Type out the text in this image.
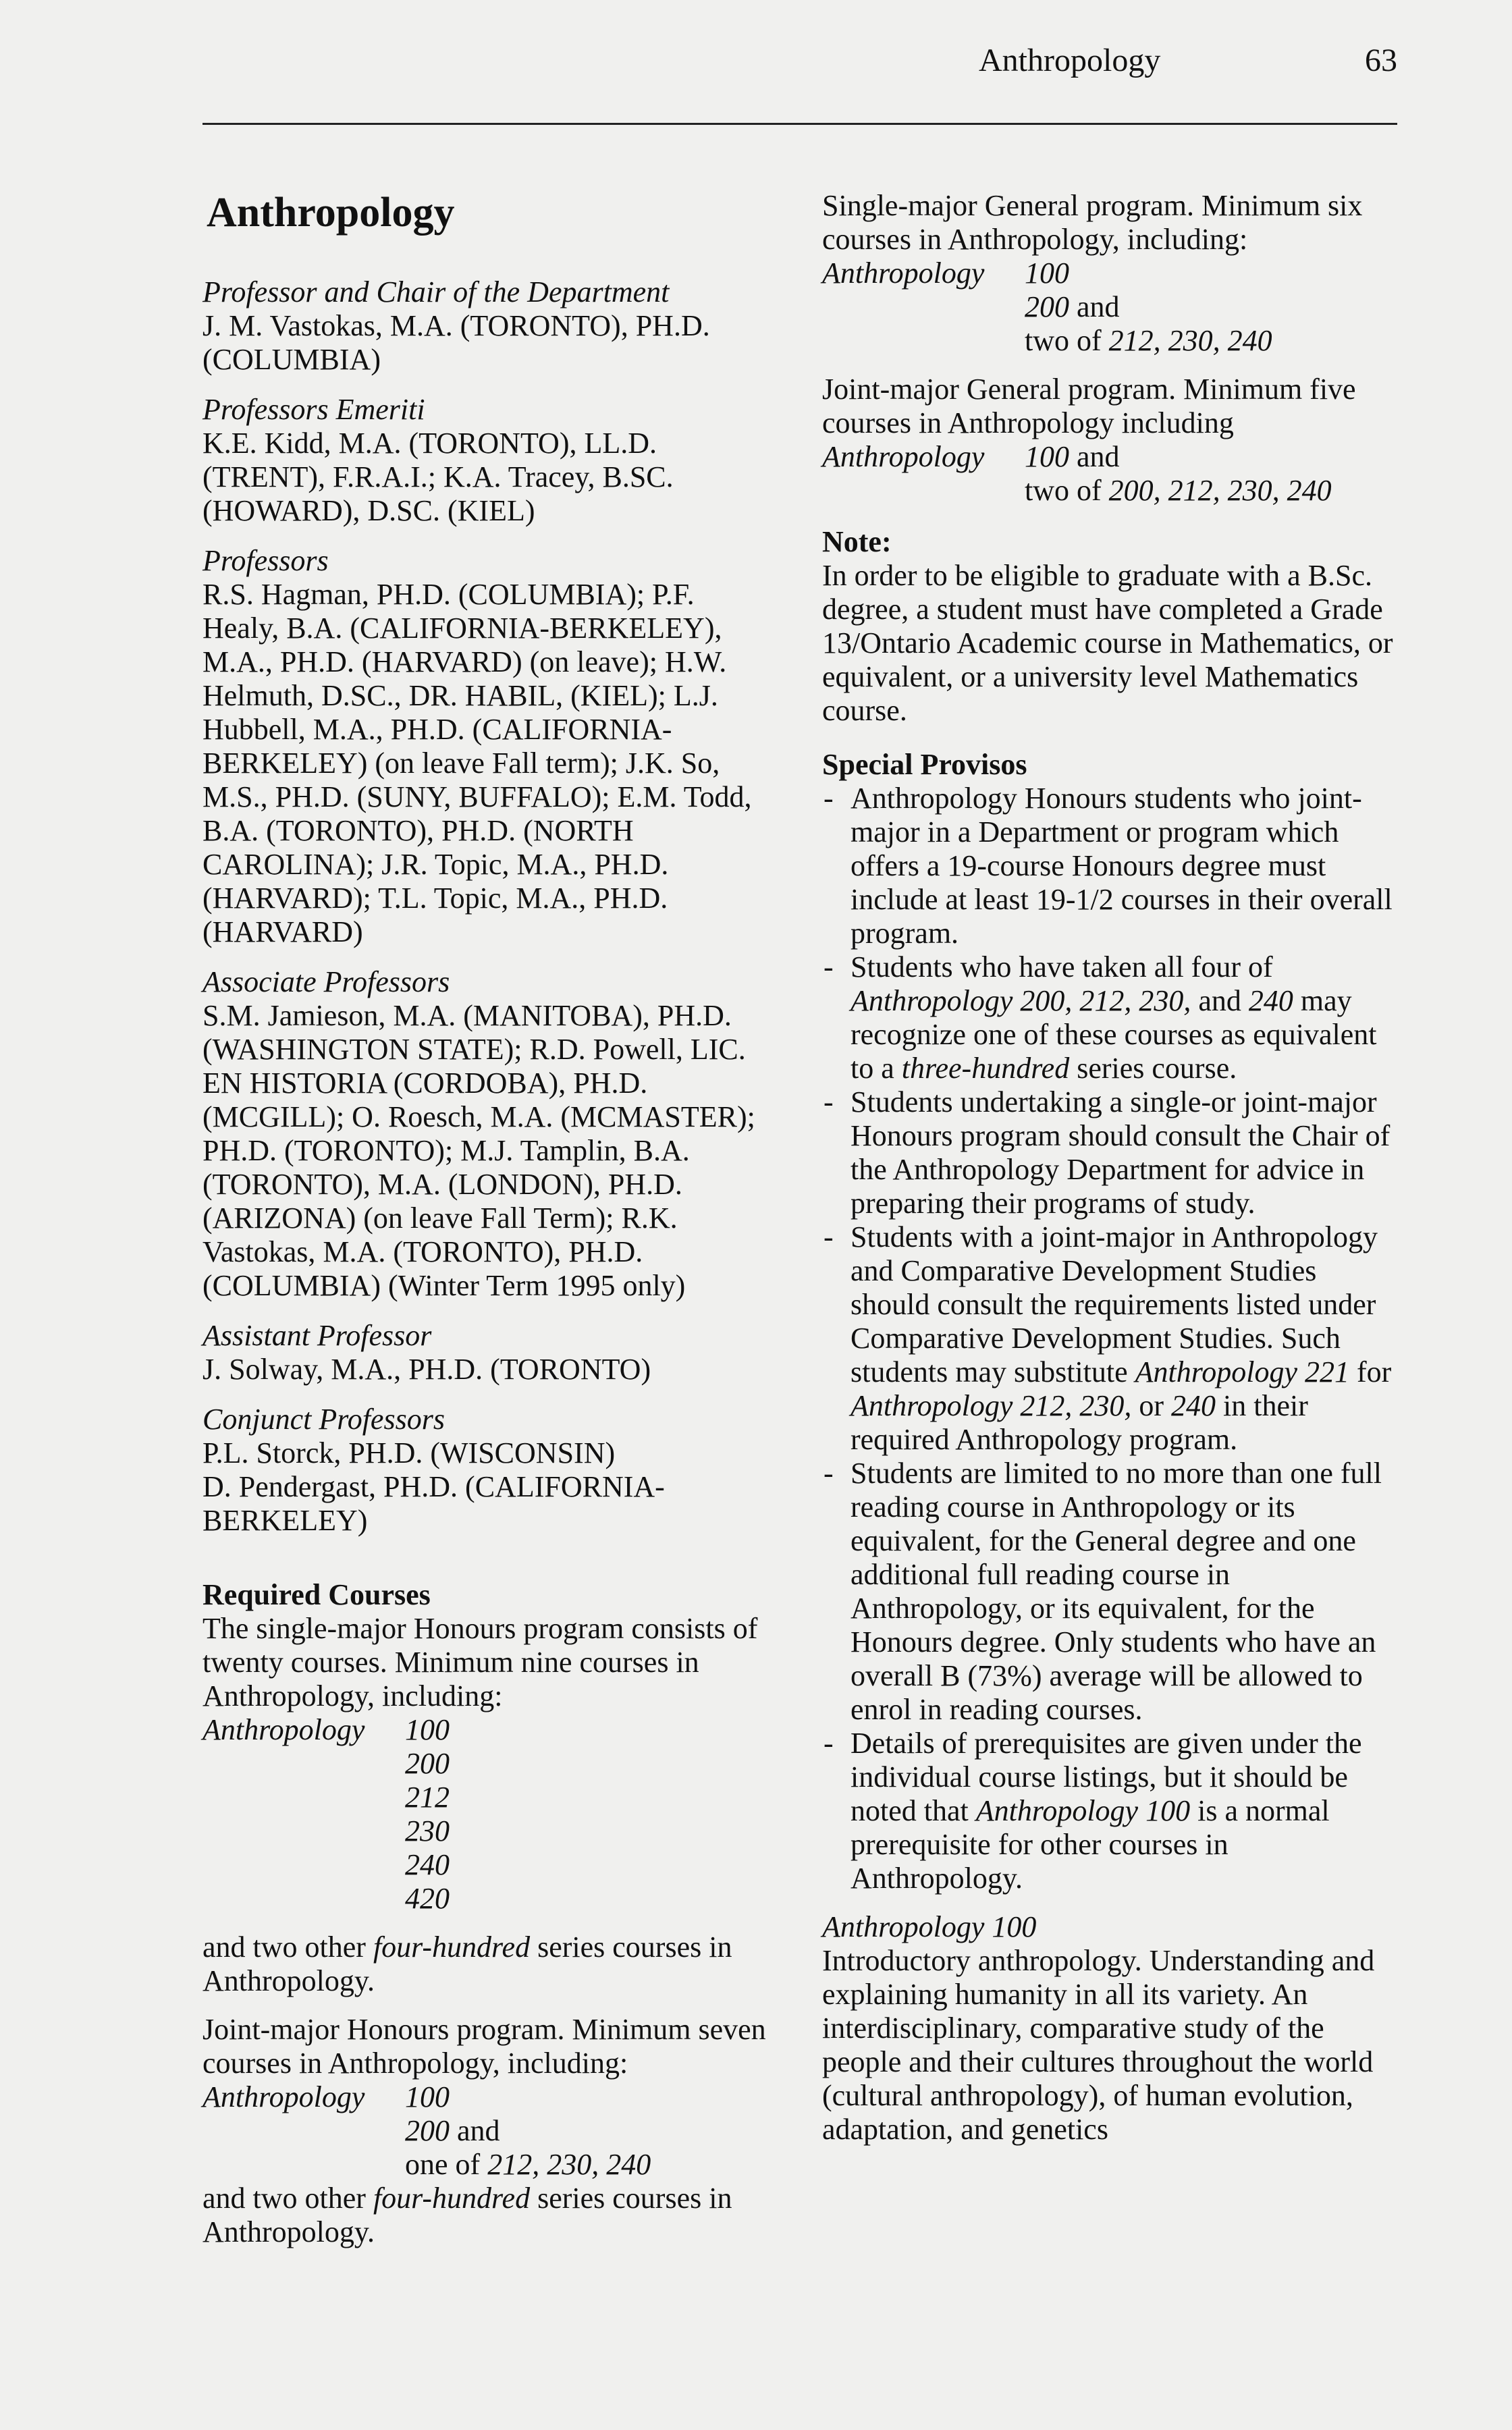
Anthropology	63
Anthropology
Professor and Chair of the Department
J. M. Vastokas, M.A. (TORONTO), PH.D. (COLUMBIA)
Professors Emeriti
K.E. Kidd, M.A. (TORONTO), LL.D. (TRENT), F.R.A.I.; K.A. Tracey, B.SC. (HOWARD), D.SC. (KIEL)
Professors
R.S. Hagman, PH.D. (COLUMBIA); P.F. Healy, B.A. (CALIFORNIA-BERKELEY), M.A., PH.D. (HARVARD) (on leave); H.W. Helmuth, D.SC., DR. HABIL, (KIEL); L.J. Hubbell, M.A., PH.D. (CALIFORNIA-BERKELEY) (on leave Fall term); J.K. So, M.S., PH.D. (SUNY, BUFFALO); E.M. Todd, B.A. (TORONTO), PH.D. (NORTH CAROLINA); J.R. Topic, M.A., PH.D. (HARVARD); T.L. Topic, M.A., PH.D. (HARVARD)
Associate Professors
S.M. Jamieson, M.A. (MANITOBA), PH.D. (WASHINGTON STATE); R.D. Powell, LIC. EN HISTORIA (CORDOBA), PH.D. (MCGILL); O. Roesch, M.A. (MCMASTER); PH.D. (TORONTO); M.J. Tamplin, B.A. (TORONTO), M.A. (LONDON), PH.D. (ARIZONA) (on leave Fall Term); R.K. Vastokas, M.A. (TORONTO), PH.D. (COLUMBIA) (Winter Term 1995 only)
Assistant Professor
J. Solway, M.A., PH.D. (TORONTO)
Conjunct Professors
P.L. Storck, PH.D. (WISCONSIN)
D. Pendergast, PH.D. (CALIFORNIA-BERKELEY)
Required Courses
The single-major Honours program consists of twenty courses. Minimum nine courses in Anthropology, including:
Anthropology	100
200
212
230
240
420
and two other four-hundred series courses in Anthropology.
Joint-major Honours program. Minimum seven courses in Anthropology, including:
Anthropology	100
200 and
one of 212, 230, 240
and two other four-hundred series courses in Anthropology.
Single-major General program. Minimum six courses in Anthropology, including:
Anthropology	100
200 and
two of 212, 230, 240
Joint-major General program. Minimum five courses in Anthropology including
Anthropology	100 and
two of 200, 212, 230, 240
Note:
In order to be eligible to graduate with a B.Sc. degree, a student must have completed a Grade 13/Ontario Academic course in Mathematics, or equivalent, or a university level Mathematics course.
Special Provisos
- Anthropology Honours students who joint-major in a Department or program which offers a 19-course Honours degree must include at least 19-1/2 courses in their overall program.
- Students who have taken all four of Anthropology 200, 212, 230, and 240 may recognize one of these courses as equivalent to a three-hundred series course.
- Students undertaking a single-or joint-major Honours program should consult the Chair of the Anthropology Department for advice in preparing their programs of study.
- Students with a joint-major in Anthropology and Comparative Development Studies should consult the requirements listed under Comparative Development Studies. Such students may substitute Anthropology 221 for Anthropology 212, 230, or 240 in their required Anthropology program.
- Students are limited to no more than one full reading course in Anthropology or its equivalent, for the General degree and one additional full reading course in Anthropology, or its equivalent, for the Honours degree. Only students who have an overall B (73%) average will be allowed to enrol in reading courses.
- Details of prerequisites are given under the individual course listings, but it should be noted that Anthropology 100 is a normal prerequisite for other courses in Anthropology.
Anthropology 100
Introductory anthropology. Understanding and explaining humanity in all its variety. An interdisciplinary, comparative study of the people and their cultures throughout the world (cultural anthropology), of human evolution, adaptation, and genetics
